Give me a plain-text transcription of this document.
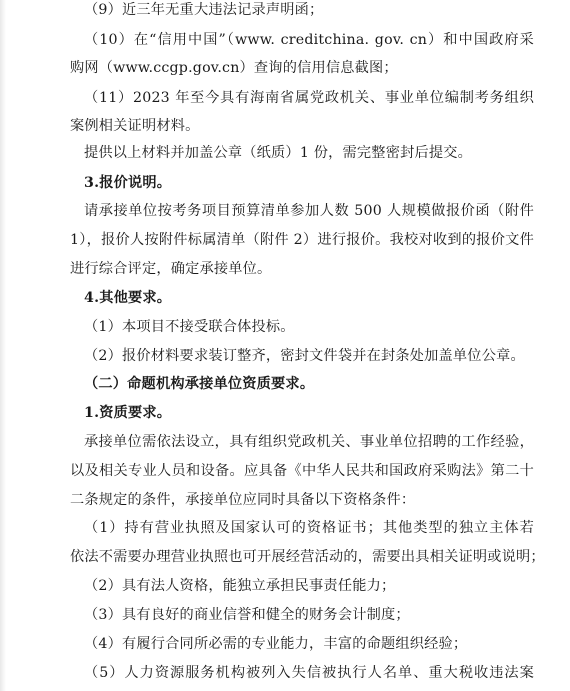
（9）近三年无重大违法记录声明函；
（10）在“信用中国”（www. creditchina. gov. cn）和中国政府采
购网（www.ccgp.gov.cn）查询的信用信息截图；
（11）2023 年至今具有海南省属党政机关、事业单位编制考务组织
案例相关证明材料。
提供以上材料并加盖公章（纸质）1 份，需完整密封后提交。
3.报价说明。
请承接单位按考务项目预算清单参加人数 500 人规模做报价函（附件
1），报价人按附件标属清单（附件 2）进行报价。我校对收到的报价文件
进行综合评定，确定承接单位。
4.其他要求。
（1）本项目不接受联合体投标。
（2）报价材料要求装订整齐，密封文件袋并在封条处加盖单位公章。
（二）命题机构承接单位资质要求。
1.资质要求。
承接单位需依法设立，具有组织党政机关、事业单位招聘的工作经验，
以及相关专业人员和设备。应具备《中华人民共和国政府采购法》第二十
二条规定的条件，承接单位应同时具备以下资格条件：
（1）持有营业执照及国家认可的资格证书；其他类型的独立主体若
依法不需要办理营业执照也可开展经营活动的，需要出具相关证明或说明；
（2）具有法人资格，能独立承担民事责任能力；
（3）具有良好的商业信誉和健全的财务会计制度；
（4）有履行合同所必需的专业能力，丰富的命题组织经验；
（5）人力资源服务机构被列入失信被执行人名单、重大税收违法案
